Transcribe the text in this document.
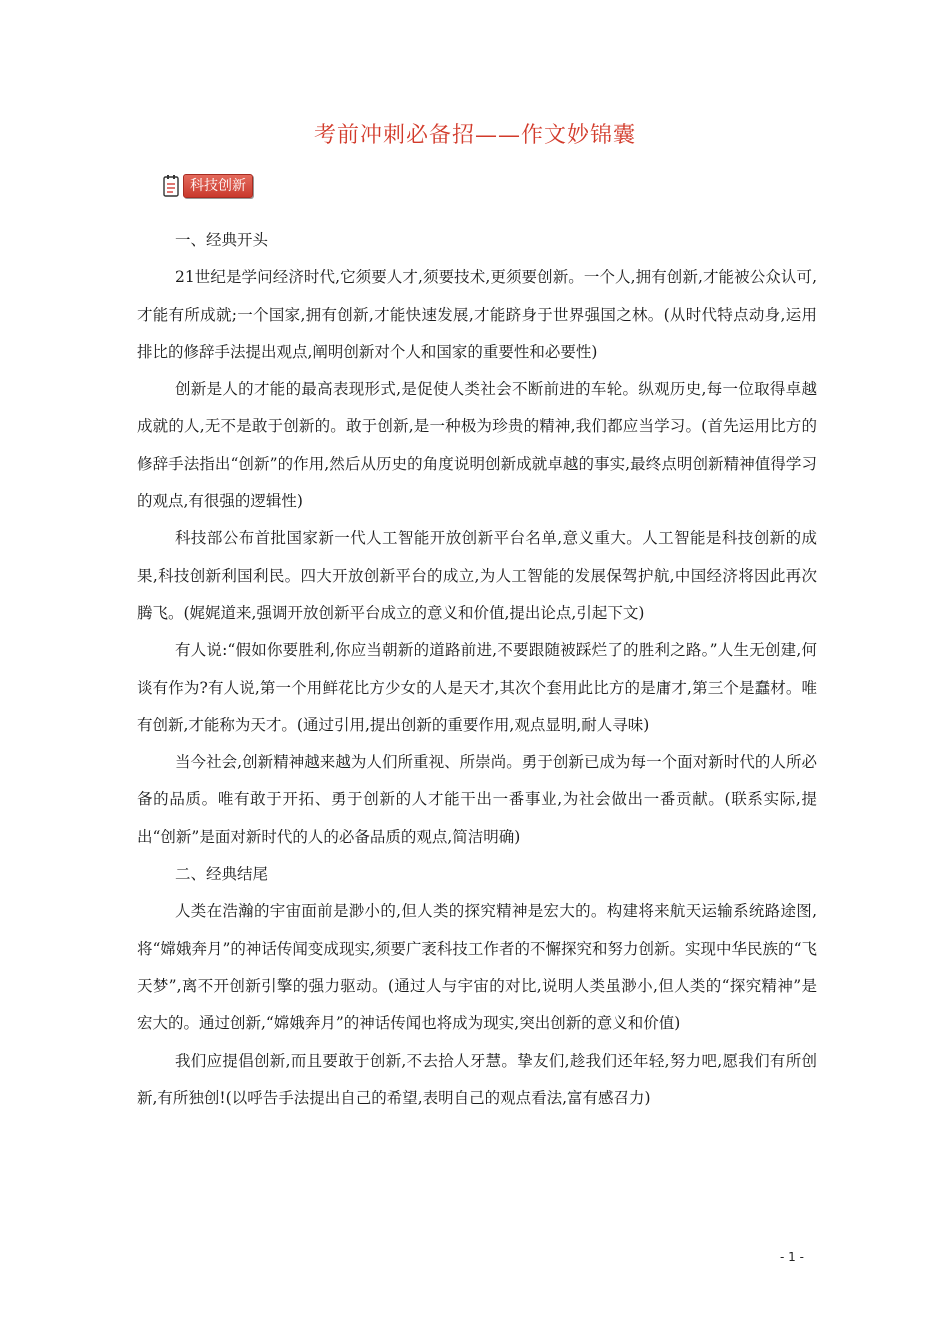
考前冲刺必备招——作文妙锦囊
科技创新

一、经典开头

21世纪是学问经济时代,它须要人才,须要技术,更须要创新。一个人,拥有创新,才能被公众认可,才能有所成就;一个国家,拥有创新,才能快速发展,才能跻身于世界强国之林。(从时代特点动身,运用排比的修辞手法提出观点,阐明创新对个人和国家的重要性和必要性)

创新是人的才能的最高表现形式,是促使人类社会不断前进的车轮。纵观历史,每一位取得卓越成就的人,无不是敢于创新的。敢于创新,是一种极为珍贵的精神,我们都应当学习。(首先运用比方的修辞手法指出“创新”的作用,然后从历史的角度说明创新成就卓越的事实,最终点明创新精神值得学习的观点,有很强的逻辑性)

科技部公布首批国家新一代人工智能开放创新平台名单,意义重大。人工智能是科技创新的成果,科技创新利国利民。四大开放创新平台的成立,为人工智能的发展保驾护航,中国经济将因此再次腾飞。(娓娓道来,强调开放创新平台成立的意义和价值,提出论点,引起下文)

有人说:“假如你要胜利,你应当朝新的道路前进,不要跟随被踩烂了的胜利之路。”人生无创建,何谈有作为?有人说,第一个用鲜花比方少女的人是天才,其次个套用此比方的是庸才,第三个是蠢材。唯有创新,才能称为天才。(通过引用,提出创新的重要作用,观点显明,耐人寻味)

当今社会,创新精神越来越为人们所重视、所崇尚。勇于创新已成为每一个面对新时代的人所必备的品质。唯有敢于开拓、勇于创新的人才能干出一番事业,为社会做出一番贡献。(联系实际,提出“创新”是面对新时代的人的必备品质的观点,简洁明确)

二、经典结尾

人类在浩瀚的宇宙面前是渺小的,但人类的探究精神是宏大的。构建将来航天运输系统路途图,将“嫦娥奔月”的神话传闻变成现实,须要广袤科技工作者的不懈探究和努力创新。实现中华民族的“飞天梦”,离不开创新引擎的强力驱动。(通过人与宇宙的对比,说明人类虽渺小,但人类的“探究精神”是宏大的。通过创新,“嫦娥奔月”的神话传闻也将成为现实,突出创新的意义和价值)

我们应提倡创新,而且要敢于创新,不去拾人牙慧。挚友们,趁我们还年轻,努力吧,愿我们有所创新,有所独创!(以呼告手法提出自己的希望,表明自己的观点看法,富有感召力)

- 1 -
